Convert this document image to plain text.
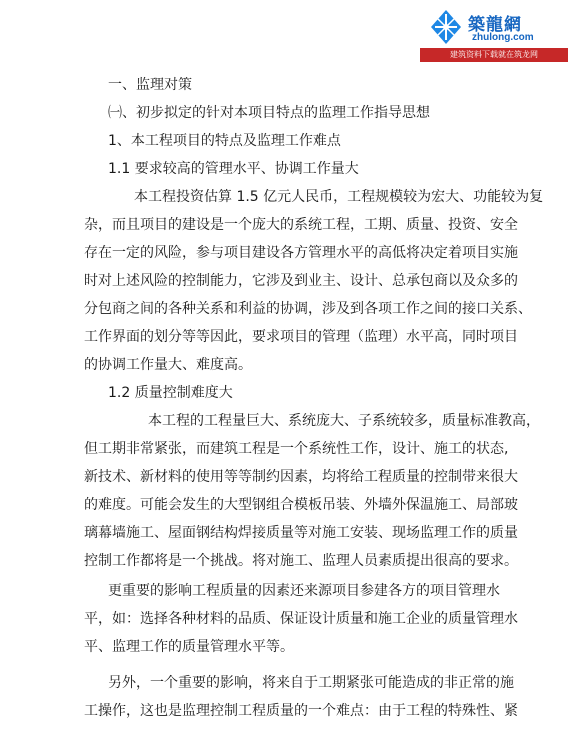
築龍網
zhulong.com
建筑资料下载就在筑龙网
一、监理对策
㈠、初步拟定的针对本项目特点的监理工作指导思想
1、本工程项目的特点及监理工作难点
1.1 要求较高的管理水平、协调工作量大
本工程投资估算 1.5 亿元人民币，工程规模较为宏大、功能较为复
杂，而且项目的建设是一个庞大的系统工程，工期、质量、投资、安全
存在一定的风险，参与项目建设各方管理水平的高低将决定着项目实施
时对上述风险的控制能力，它涉及到业主、设计、总承包商以及众多的
分包商之间的各种关系和利益的协调，涉及到各项工作之间的接口关系、
工作界面的划分等等因此，要求项目的管理（监理）水平高，同时项目
的协调工作量大、难度高。
1.2 质量控制难度大
本工程的工程量巨大、系统庞大、子系统较多，质量标准教高，
但工期非常紧张，而建筑工程是一个系统性工作，设计、施工的状态,
新技术、新材料的使用等等制约因素，均将给工程质量的控制带来很大
的难度。可能会发生的大型钢组合模板吊装、外墙外保温施工、局部玻
璃幕墙施工、屋面钢结构焊接质量等对施工安装、现场监理工作的质量
控制工作都将是一个挑战。将对施工、监理人员素质提出很高的要求。
更重要的影响工程质量的因素还来源项目参建各方的项目管理水
平，如：选择各种材料的品质、保证设计质量和施工企业的质量管理水
平、监理工作的质量管理水平等。
另外，一个重要的影响，将来自于工期紧张可能造成的非正常的施
工操作，这也是监理控制工程质量的一个难点：由于工程的特殊性、紧
